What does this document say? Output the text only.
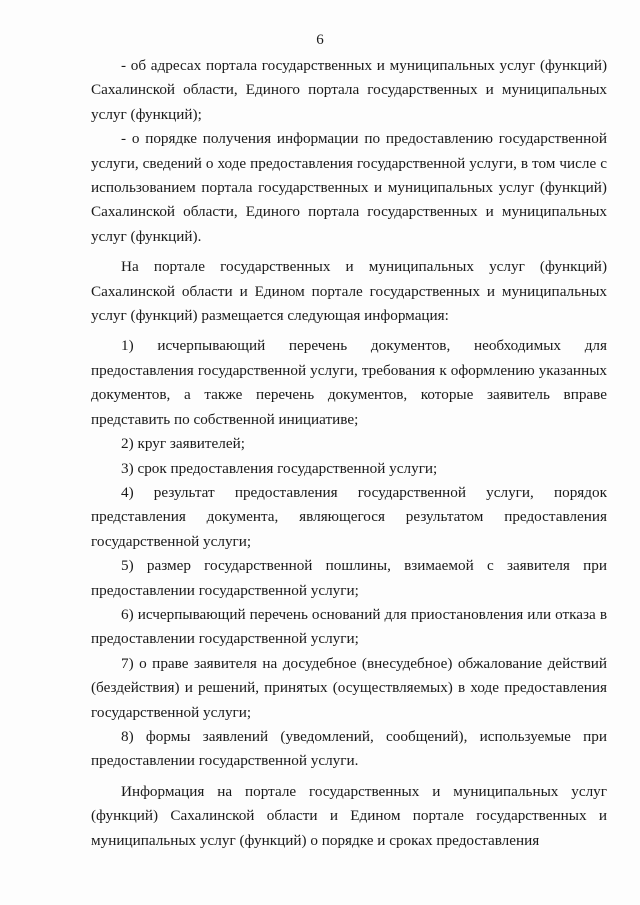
6

- об адресах портала государственных и муниципальных услуг (функций) Сахалинской области, Единого портала государственных и муниципальных услуг (функций);

- о порядке получения информации по предоставлению государственной услуги, сведений о ходе предоставления государственной услуги, в том числе с использованием портала государственных и муниципальных услуг (функций) Сахалинской области, Единого портала государственных и муниципальных услуг (функций).

На портале государственных и муниципальных услуг (функций) Сахалинской области и Едином портале государственных и муниципальных услуг (функций) размещается следующая информация:

1) исчерпывающий перечень документов, необходимых для предоставления государственной услуги, требования к оформлению указанных документов, а также перечень документов, которые заявитель вправе представить по собственной инициативе;

2) круг заявителей;

3) срок предоставления государственной услуги;

4) результат предоставления государственной услуги, порядок представления документа, являющегося результатом предоставления государственной услуги;

5) размер государственной пошлины, взимаемой с заявителя при предоставлении государственной услуги;

6) исчерпывающий перечень оснований для приостановления или отказа в предоставлении государственной услуги;

7) о праве заявителя на досудебное (внесудебное) обжалование действий (бездействия) и решений, принятых (осуществляемых) в ходе предоставления государственной услуги;

8) формы заявлений (уведомлений, сообщений), используемые при предоставлении государственной услуги.

Информация на портале государственных и муниципальных услуг (функций) Сахалинской области и Едином портале государственных и муниципальных услуг (функций) о порядке и сроках предоставления
